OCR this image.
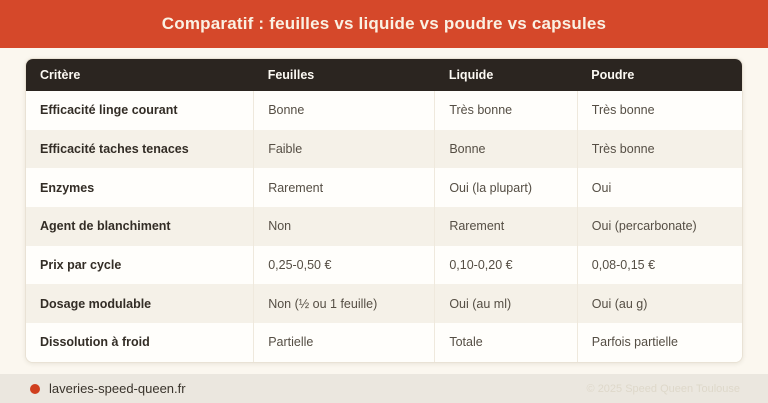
Comparatif : feuilles vs liquide vs poudre vs capsules
Critère	Feuilles	Liquide	Poudre
Efficacité linge courant	Bonne	Très bonne	Très bonne
Efficacité taches tenaces	Faible	Bonne	Très bonne
Enzymes	Rarement	Oui (la plupart)	Oui
Agent de blanchiment	Non	Rarement	Oui (percarbonate)
Prix par cycle	0,25-0,50 €	0,10-0,20 €	0,08-0,15 €
Dosage modulable	Non (½ ou 1 feuille)	Oui (au ml)	Oui (au g)
Dissolution à froid	Partielle	Totale	Parfois partielle
laveries-speed-queen.fr	© 2025 Speed Queen Toulouse
